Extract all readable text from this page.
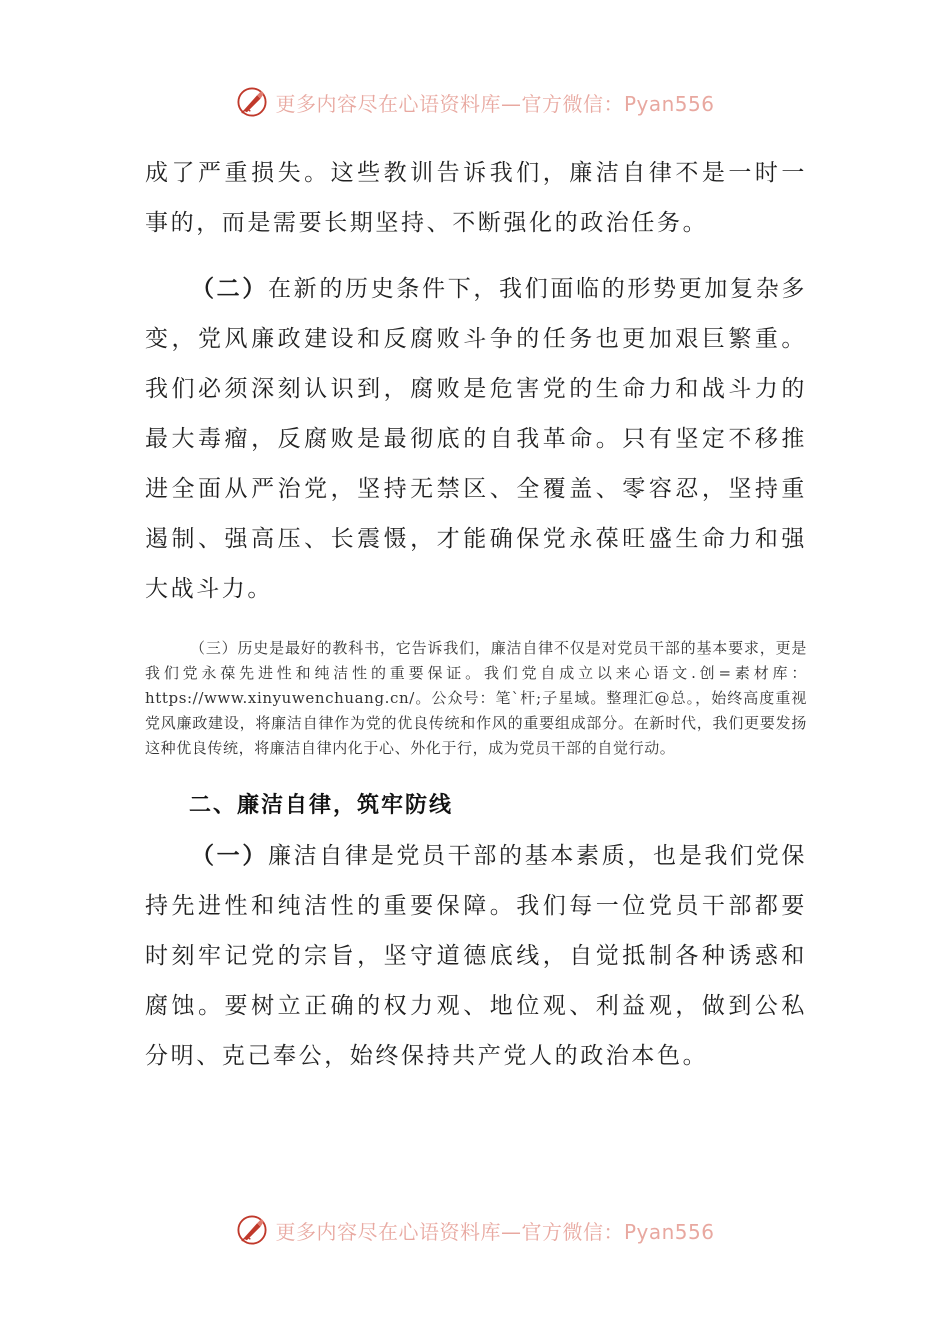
更多内容尽在心语资料库—官方微信：Pyan556

成了严重损失。这些教训告诉我们，廉洁自律不是一时一事的，而是需要长期坚持、不断强化的政治任务。

（二）在新的历史条件下，我们面临的形势更加复杂多变，党风廉政建设和反腐败斗争的任务也更加艰巨繁重。我们必须深刻认识到，腐败是危害党的生命力和战斗力的最大毒瘤，反腐败是最彻底的自我革命。只有坚定不移推进全面从严治党，坚持无禁区、全覆盖、零容忍，坚持重遏制、强高压、长震慑，才能确保党永葆旺盛生命力和强大战斗力。

（三）历史是最好的教科书，它告诉我们，廉洁自律不仅是对党员干部的基本要求，更是我们党永葆先进性和纯洁性的重要保证。我们党自成立以来心语文.创=素材库：https://www.xinyuwenchuang.cn/。公众号：笔`杆;子星域。整理汇@总。，始终高度重视党风廉政建设，将廉洁自律作为党的优良传统和作风的重要组成部分。在新时代，我们更要发扬这种优良传统，将廉洁自律内化于心、外化于行，成为党员干部的自觉行动。

二、廉洁自律，筑牢防线

（一）廉洁自律是党员干部的基本素质，也是我们党保持先进性和纯洁性的重要保障。我们每一位党员干部都要时刻牢记党的宗旨，坚守道德底线，自觉抵制各种诱惑和腐蚀。要树立正确的权力观、地位观、利益观，做到公私分明、克己奉公，始终保持共产党人的政治本色。

更多内容尽在心语资料库—官方微信：Pyan556
